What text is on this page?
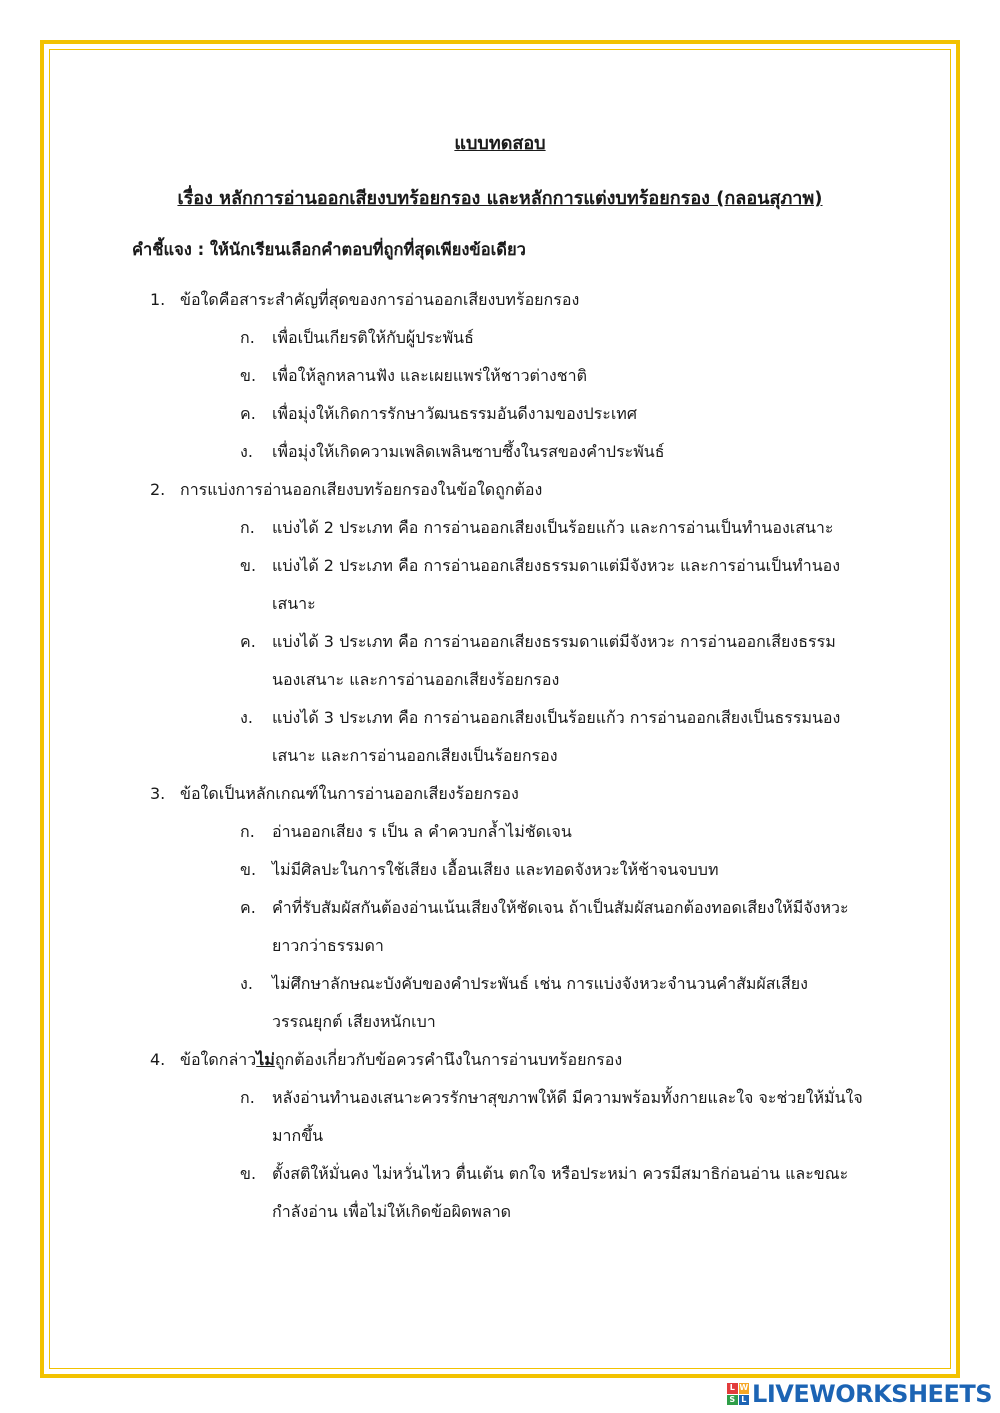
แบบทดสอบ
เรื่อง หลักการอ่านออกเสียงบทร้อยกรอง และหลักการแต่งบทร้อยกรอง (กลอนสุภาพ)
คำชี้แจง : ให้นักเรียนเลือกคำตอบที่ถูกที่สุดเพียงข้อเดียว
1. ข้อใดคือสาระสำคัญที่สุดของการอ่านออกเสียงบทร้อยกรอง
ก.	เพื่อเป็นเกียรติให้กับผู้ประพันธ์
ข. เพื่อให้ลูกหลานฟัง และเผยแพร่ให้ชาวต่างชาติ
ค.	เพื่อมุ่งให้เกิดการรักษาวัฒนธรรมอันดีงามของประเทศ
ง.	เพื่อมุ่งให้เกิดความเพลิดเพลินซาบซึ้งในรสของคำประพันธ์
2. การแบ่งการอ่านออกเสียงบทร้อยกรองในข้อใดถูกต้อง
ก.	แบ่งได้ 2 ประเภท คือ การอ่านออกเสียงเป็นร้อยแก้ว และการอ่านเป็นทำนองเสนาะ
ข. แบ่งได้ 2 ประเภท คือ การอ่านออกเสียงธรรมดาแต่มีจังหวะ และการอ่านเป็นทำนอง
เสนาะ
ค.	แบ่งได้ 3 ประเภท คือ การอ่านออกเสียงธรรมดาแต่มีจังหวะ การอ่านออกเสียงธรรม
นองเสนาะ และการอ่านออกเสียงร้อยกรอง
ง.	แบ่งได้ 3 ประเภท คือ การอ่านออกเสียงเป็นร้อยแก้ว การอ่านออกเสียงเป็นธรรมนอง
เสนาะ และการอ่านออกเสียงเป็นร้อยกรอง
3. ข้อใดเป็นหลักเกณฑ์ในการอ่านออกเสียงร้อยกรอง
ก.	อ่านออกเสียง ร เป็น ล คำควบกล้ำไม่ชัดเจน
ข. ไม่มีศิลปะในการใช้เสียง เอื้อนเสียง และทอดจังหวะให้ช้าจนจบบท
ค.	คำที่รับสัมผัสกันต้องอ่านเน้นเสียงให้ชัดเจน ถ้าเป็นสัมผัสนอกต้องทอดเสียงให้มีจังหวะ
ยาวกว่าธรรมดา
ง.	ไม่ศึกษาลักษณะบังคับของคำประพันธ์ เช่น การแบ่งจังหวะจำนวนคำสัมผัสเสียง
วรรณยุกต์ เสียงหนักเบา
4. ข้อใดกล่าวไม่ถูกต้องเกี่ยวกับข้อควรคำนึงในการอ่านบทร้อยกรอง
ก.	หลังอ่านทำนองเสนาะควรรักษาสุขภาพให้ดี มีความพร้อมทั้งกายและใจ จะช่วยให้มั่นใจ
มากขึ้น
ข. ตั้งสติให้มั่นคง ไม่หวั่นไหว ตื่นเต้น ตกใจ หรือประหม่า ควรมีสมาธิก่อนอ่าน และขณะ
กำลังอ่าน เพื่อไม่ให้เกิดข้อผิดพลาด
L W
S L LIVEWORKSHEETS
